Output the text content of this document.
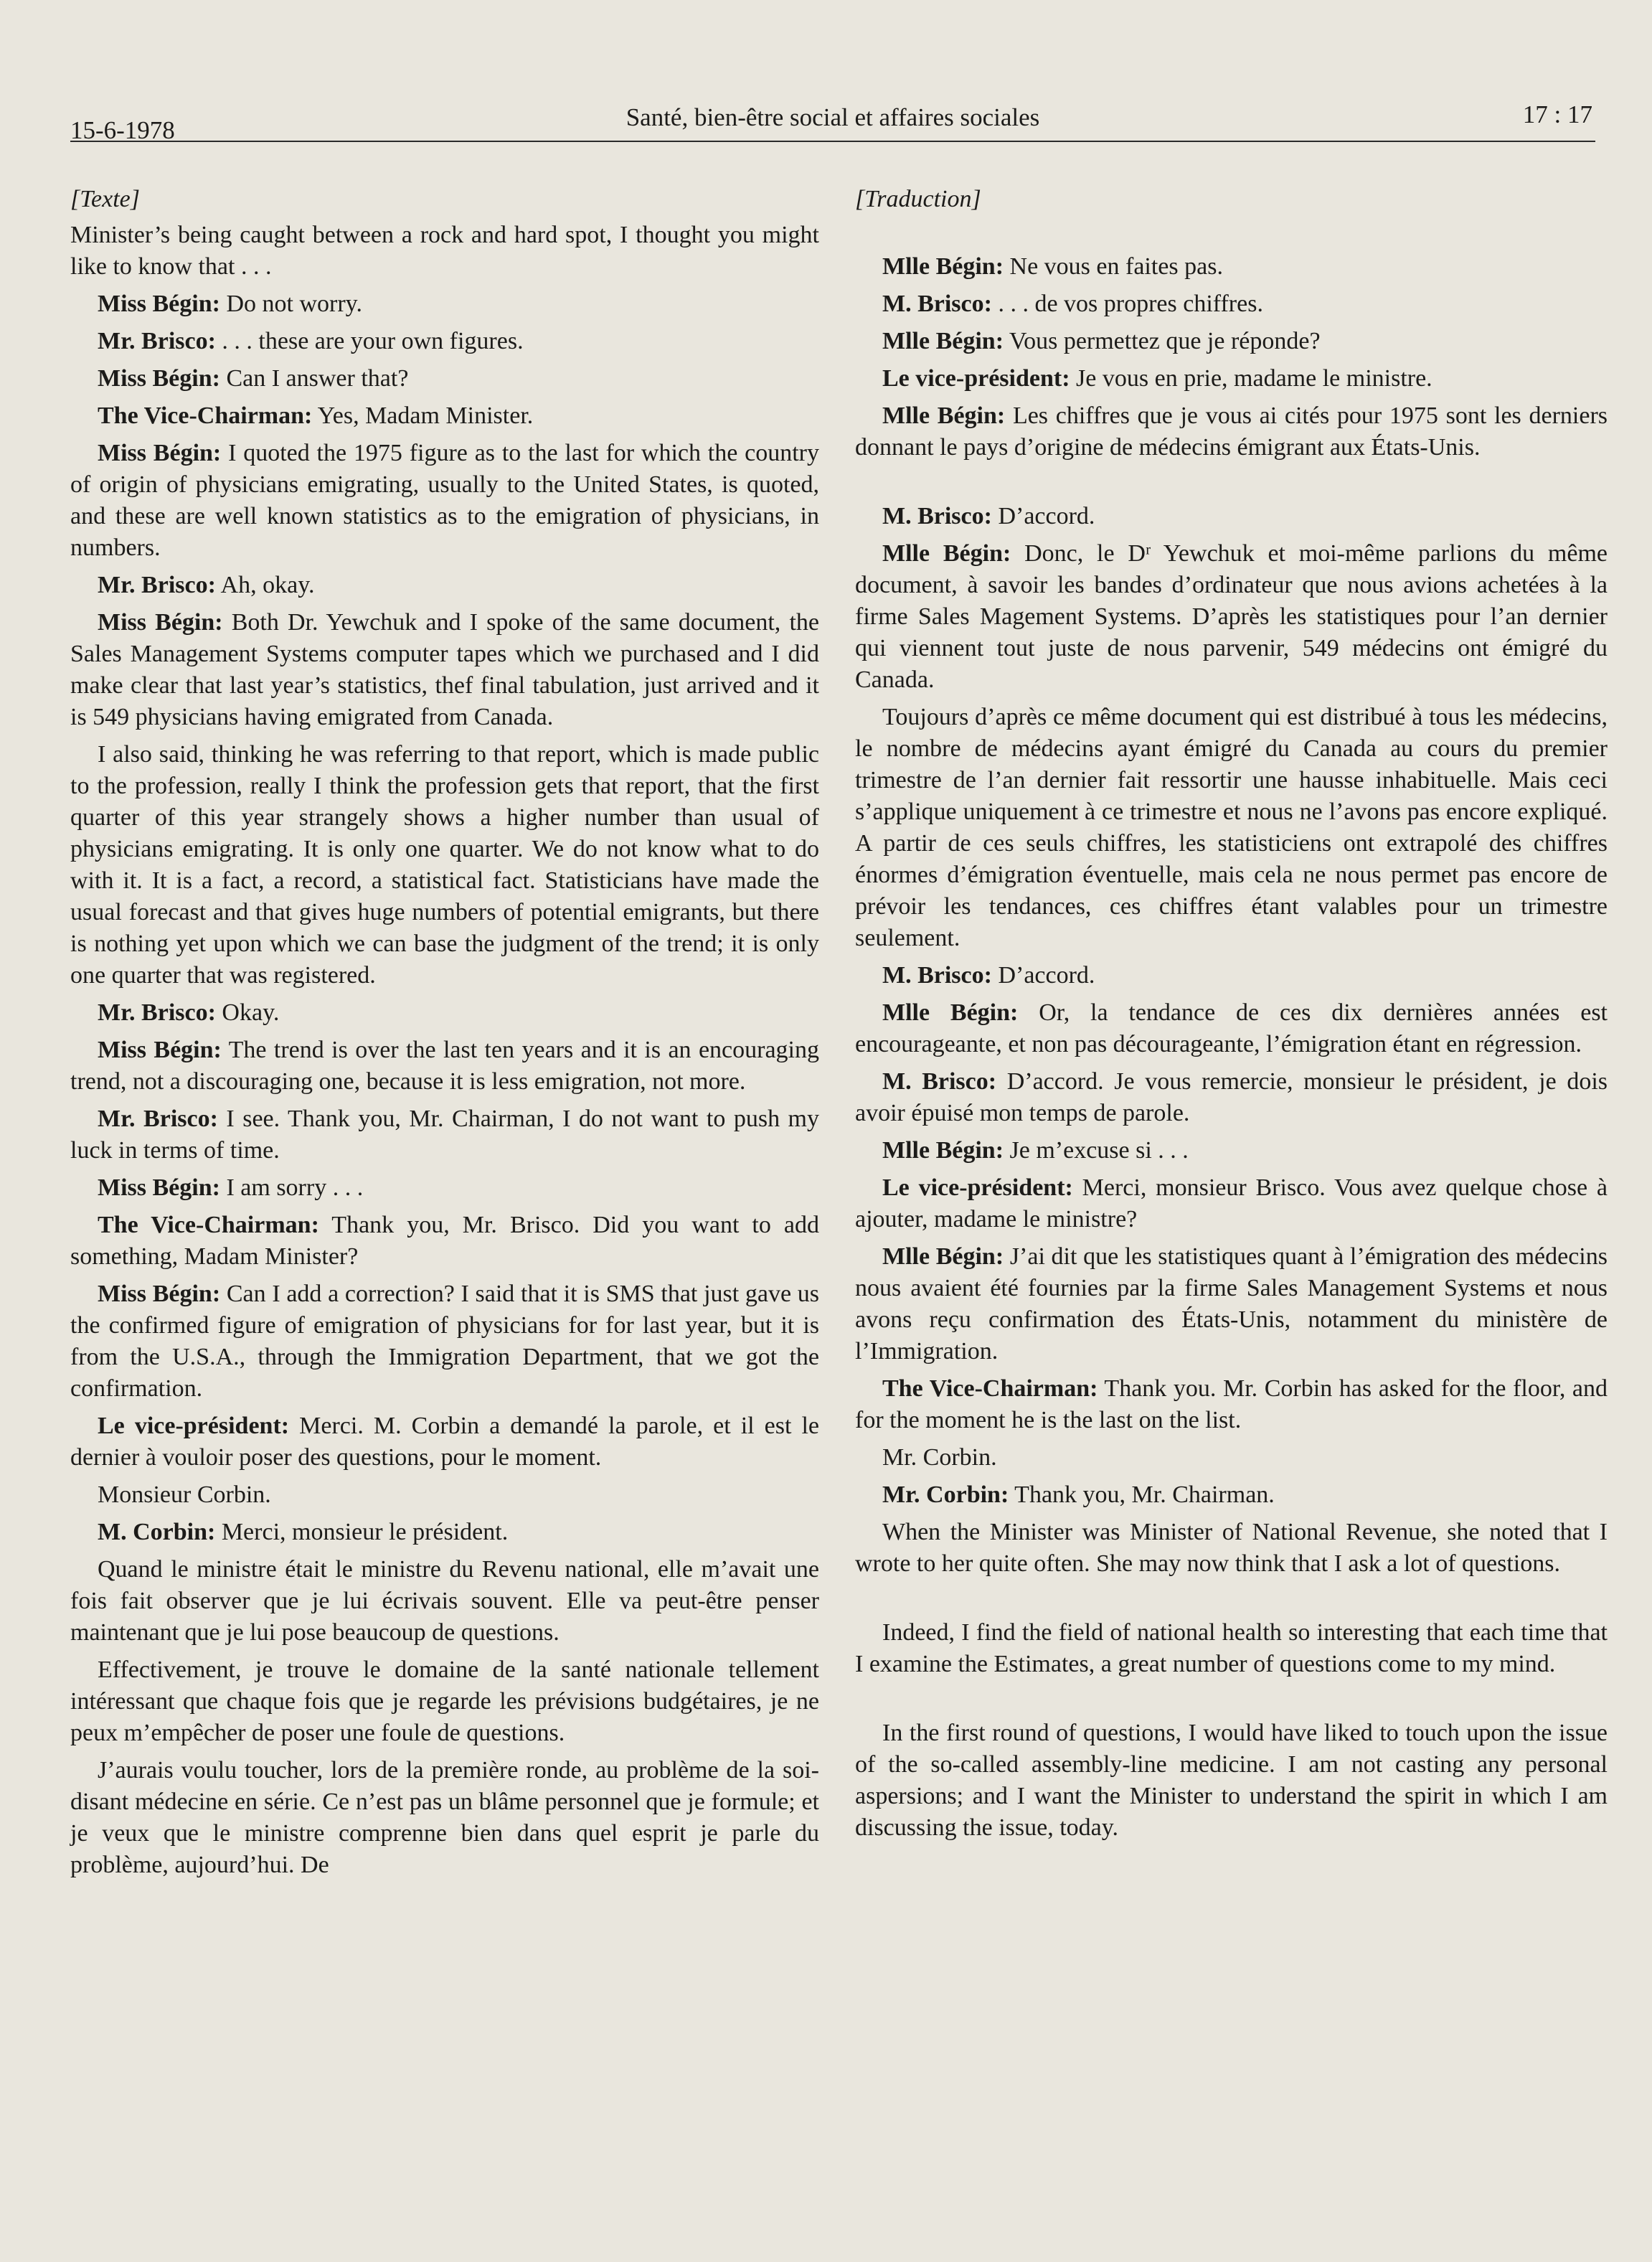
15-6-1978	Santé, bien-être social et affaires sociales	17 : 17
[Texte]

Minister’s being caught between a rock and hard spot, I thought you might like to know that . . .

Miss Bégin: Do not worry.

Mr. Brisco: . . . these are your own figures.

Miss Bégin: Can I answer that?

The Vice-Chairman: Yes, Madam Minister.

Miss Bégin: I quoted the 1975 figure as to the last for which the country of origin of physicians emigrating, usually to the United States, is quoted, and these are well known statistics as to the emigration of physicians, in numbers.

Mr. Brisco: Ah, okay.

Miss Bégin: Both Dr. Yewchuk and I spoke of the same document, the Sales Management Systems computer tapes which we purchased and I did make clear that last year’s statistics, thef final tabulation, just arrived and it is 549 physicians having emigrated from Canada.

I also said, thinking he was referring to that report, which is made public to the profession, really I think the profession gets that report, that the first quarter of this year strangely shows a higher number than usual of physicians emigrating. It is only one quarter. We do not know what to do with it. It is a fact, a record, a statistical fact. Statisticians have made the usual forecast and that gives huge numbers of potential emigrants, but there is nothing yet upon which we can base the judgment of the trend; it is only one quarter that was registered.

Mr. Brisco: Okay.

Miss Bégin: The trend is over the last ten years and it is an encouraging trend, not a discouraging one, because it is less emigration, not more.

Mr. Brisco: I see. Thank you, Mr. Chairman, I do not want to push my luck in terms of time.

Miss Bégin: I am sorry . . .

The Vice-Chairman: Thank you, Mr. Brisco. Did you want to add something, Madam Minister?

Miss Bégin: Can I add a correction? I said that it is SMS that just gave us the confirmed figure of emigration of physicians for for last year, but it is from the U.S.A., through the Immigration Department, that we got the confirmation.

Le vice-président: Merci. M. Corbin a demandé la parole, et il est le dernier à vouloir poser des questions, pour le moment.

Monsieur Corbin.

M. Corbin: Merci, monsieur le président.

Quand le ministre était le ministre du Revenu national, elle m’avait une fois fait observer que je lui écrivais souvent. Elle va peut-être penser maintenant que je lui pose beaucoup de questions.

Effectivement, je trouve le domaine de la santé nationale tellement intéressant que chaque fois que je regarde les prévisions budgétaires, je ne peux m’empêcher de poser une foule de questions.

J’aurais voulu toucher, lors de la première ronde, au problème de la soi-disant médecine en série. Ce n’est pas un blâme personnel que je formule; et je veux que le ministre comprenne bien dans quel esprit je parle du problème, aujourd’hui. De

[Traduction]

Mlle Bégin: Ne vous en faites pas.

M. Brisco: . . . de vos propres chiffres.

Mlle Bégin: Vous permettez que je réponde?

Le vice-président: Je vous en prie, madame le ministre.

Mlle Bégin: Les chiffres que je vous ai cités pour 1975 sont les derniers donnant le pays d’origine de médecins émigrant aux États-Unis.

M. Brisco: D’accord.

Mlle Bégin: Donc, le Dʳ Yewchuk et moi-même parlions du même document, à savoir les bandes d’ordinateur que nous avions achetées à la firme Sales Magement Systems. D’après les statistiques pour l’an dernier qui viennent tout juste de nous parvenir, 549 médecins ont émigré du Canada.

Toujours d’après ce même document qui est distribué à tous les médecins, le nombre de médecins ayant émigré du Canada au cours du premier trimestre de l’an dernier fait ressortir une hausse inhabituelle. Mais ceci s’applique uniquement à ce trimestre et nous ne l’avons pas encore expliqué. A partir de ces seuls chiffres, les statisticiens ont extrapolé des chiffres énormes d’émigration éventuelle, mais cela ne nous permet pas encore de prévoir les tendances, ces chiffres étant valables pour un trimestre seulement.

M. Brisco: D’accord.

Mlle Bégin: Or, la tendance de ces dix dernières années est encourageante, et non pas décourageante, l’émigration étant en régression.

M. Brisco: D’accord. Je vous remercie, monsieur le président, je dois avoir épuisé mon temps de parole.

Mlle Bégin: Je m’excuse si . . .

Le vice-président: Merci, monsieur Brisco. Vous avez quelque chose à ajouter, madame le ministre?

Mlle Bégin: J’ai dit que les statistiques quant à l’émigration des médecins nous avaient été fournies par la firme Sales Management Systems et nous avons reçu confirmation des États-Unis, notamment du ministère de l’Immigration.

The Vice-Chairman: Thank you. Mr. Corbin has asked for the floor, and for the moment he is the last on the list.

Mr. Corbin.

Mr. Corbin: Thank you, Mr. Chairman.

When the Minister was Minister of National Revenue, she noted that I wrote to her quite often. She may now think that I ask a lot of questions.

Indeed, I find the field of national health so interesting that each time that I examine the Estimates, a great number of questions come to my mind.

In the first round of questions, I would have liked to touch upon the issue of the so-called assembly-line medicine. I am not casting any personal aspersions; and I want the Minister to understand the spirit in which I am discussing the issue, today.
